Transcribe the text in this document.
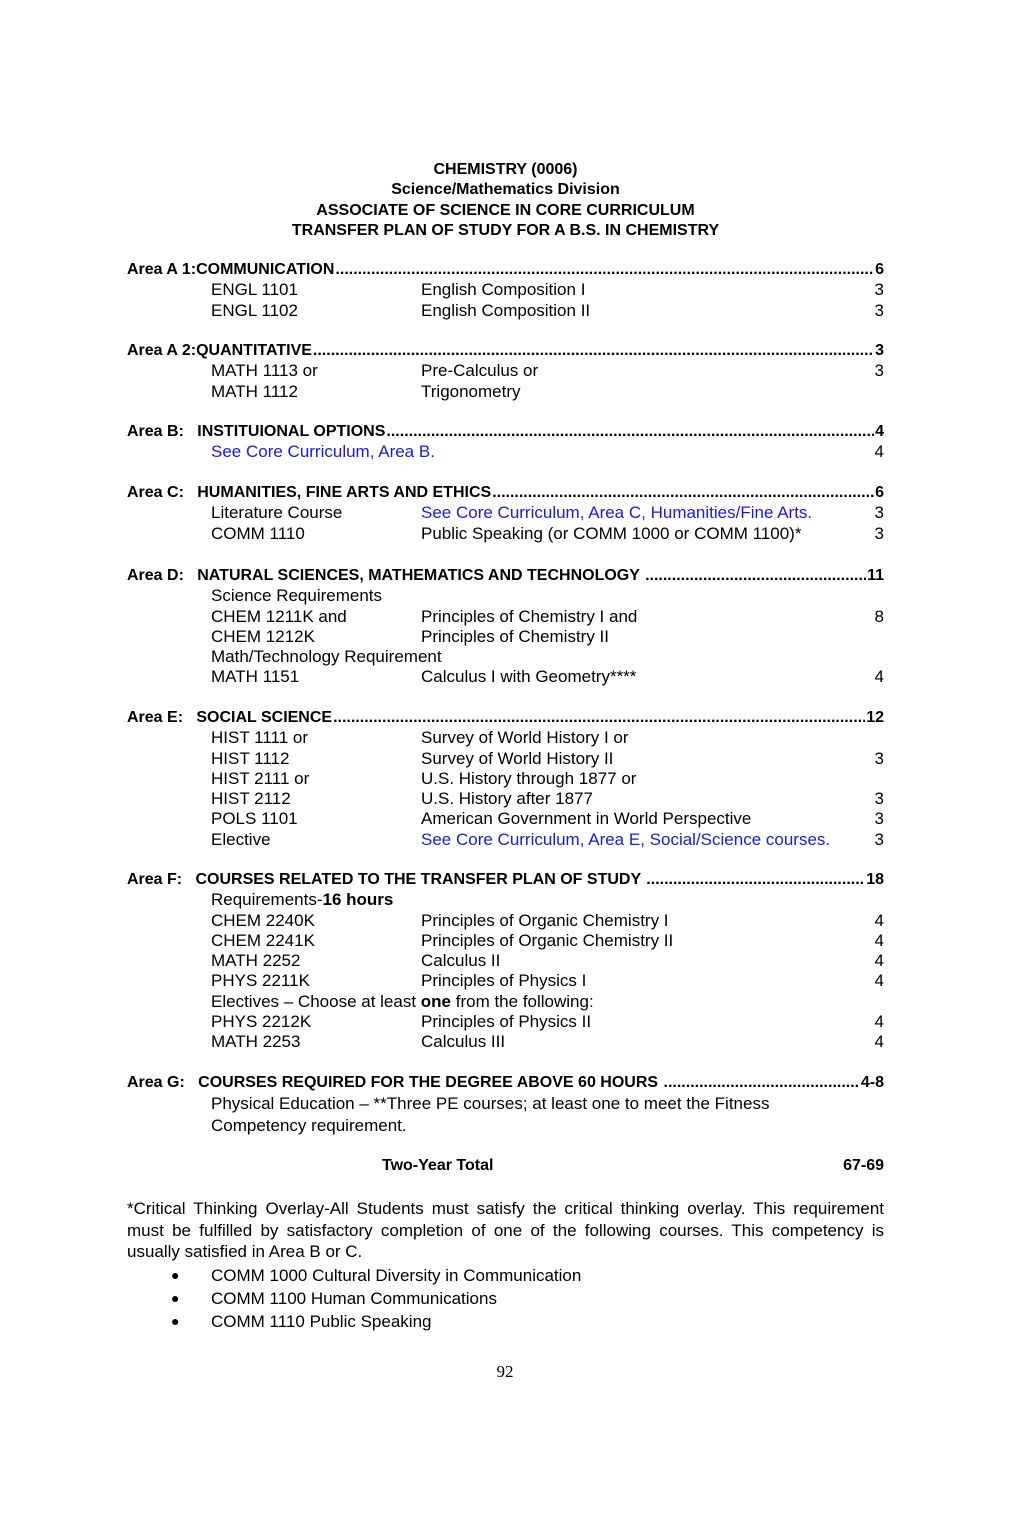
CHEMISTRY (0006)
Science/Mathematics Division
ASSOCIATE OF SCIENCE IN CORE CURRICULUM
TRANSFER PLAN OF STUDY FOR A B.S. IN CHEMISTRY
Area A 1: COMMUNICATION .....	6
ENGL 1101	English Composition I	3
ENGL 1102	English Composition II	3
Area A 2: QUANTITATIVE .....	3
MATH 1113 or	Pre-Calculus or	3
MATH 1112	Trigonometry
Area B: INSTITUIONAL OPTIONS .....	4
See Core Curriculum, Area B.	4
Area C: HUMANITIES, FINE ARTS AND ETHICS .....	6
Literature Course	See Core Curriculum, Area C, Humanities/Fine Arts.	3
COMM 1110	Public Speaking (or COMM 1000 or COMM 1100)*	3
Area D: NATURAL SCIENCES, MATHEMATICS AND TECHNOLOGY .....	11
Science Requirements
CHEM 1211K and	Principles of Chemistry I and	8
CHEM 1212K	Principles of Chemistry II
Math/Technology Requirement
MATH 1151	Calculus I with Geometry****	4
Area E: SOCIAL SCIENCE .....	12
HIST 1111 or	Survey of World History I or
HIST 1112	Survey of World History II	3
HIST 2111 or	U.S. History through 1877 or
HIST 2112	U.S. History after 1877	3
POLS 1101	American Government in World Perspective	3
Elective	See Core Curriculum, Area E, Social/Science courses.	3
Area F: COURSES RELATED TO THE TRANSFER PLAN OF STUDY .....	18
Requirements-16 hours
CHEM 2240K	Principles of Organic Chemistry I	4
CHEM 2241K	Principles of Organic Chemistry II	4
MATH 2252	Calculus II	4
PHYS 2211K	Principles of Physics I	4
Electives – Choose at least one from the following:
PHYS 2212K	Principles of Physics II	4
MATH 2253	Calculus III	4
Area G: COURSES REQUIRED FOR THE DEGREE ABOVE 60 HOURS .....	4-8
Physical Education – **Three PE courses; at least one to meet the Fitness Competency requirement.
Two-Year Total	67-69
*Critical Thinking Overlay-All Students must satisfy the critical thinking overlay. This requirement must be fulfilled by satisfactory completion of one of the following courses. This competency is usually satisfied in Area B or C.
● COMM 1000 Cultural Diversity in Communication
● COMM 1100 Human Communications
● COMM 1110 Public Speaking
92
